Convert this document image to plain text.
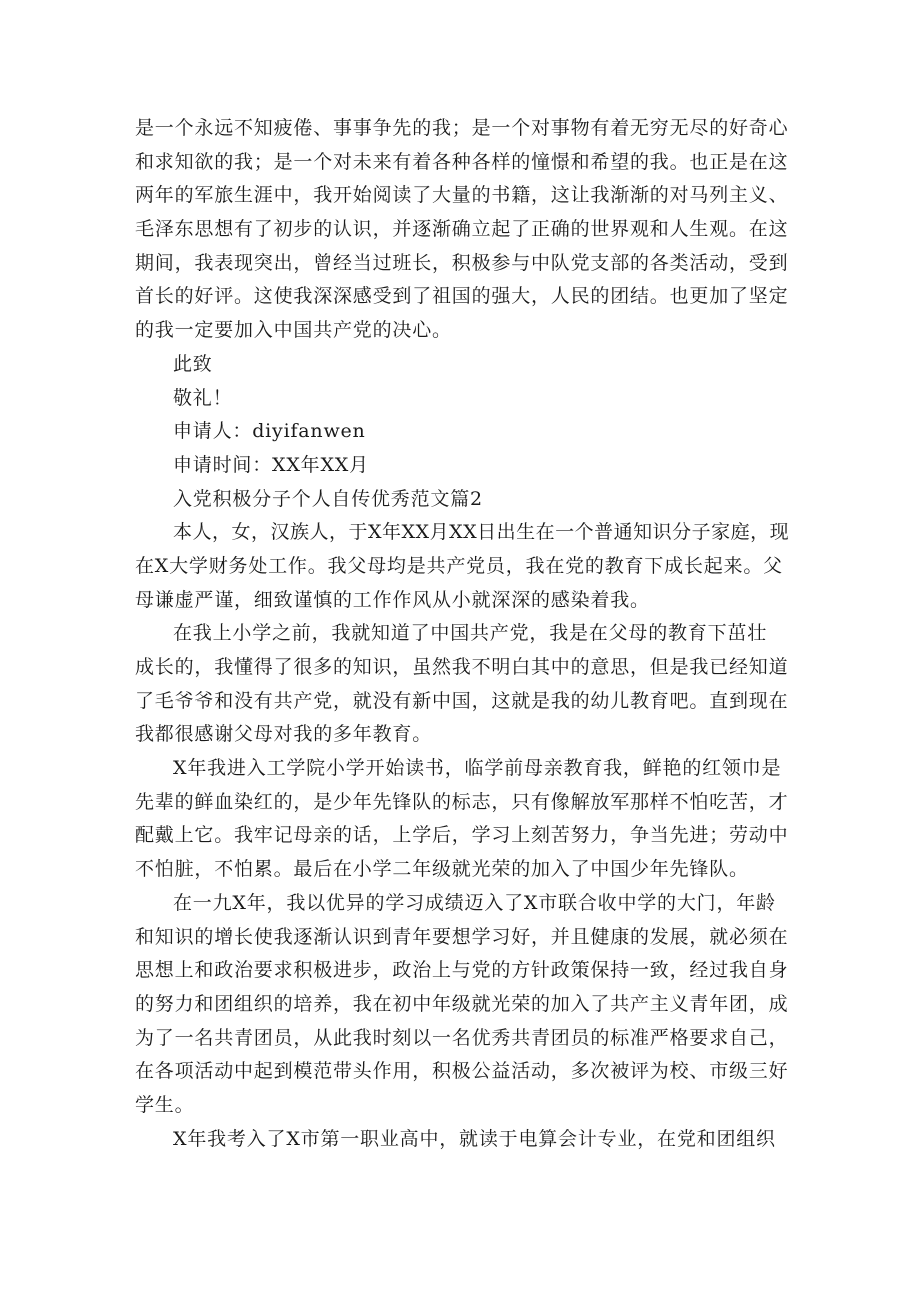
是一个永远不知疲倦、事事争先的我；是一个对事物有着无穷无尽的好奇心
和求知欲的我；是一个对未来有着各种各样的憧憬和希望的我。也正是在这
两年的军旅生涯中，我开始阅读了大量的书籍，这让我渐渐的对马列主义、
毛泽东思想有了初步的认识，并逐渐确立起了正确的世界观和人生观。在这
期间，我表现突出，曾经当过班长，积极参与中队党支部的各类活动，受到
首长的好评。这使我深深感受到了祖国的强大，人民的团结。也更加了坚定
的我一定要加入中国共产党的决心。
此致
敬礼！
申请人：diyifanwen
申请时间：XX年XX月
入党积极分子个人自传优秀范文篇2
本人，女，汉族人，于X年XX月XX日出生在一个普通知识分子家庭，现
在X大学财务处工作。我父母均是共产党员，我在党的教育下成长起来。父
母谦虚严谨，细致谨慎的工作作风从小就深深的感染着我。
在我上小学之前，我就知道了中国共产党，我是在父母的教育下茁壮
成长的，我懂得了很多的知识，虽然我不明白其中的意思，但是我已经知道
了毛爷爷和没有共产党，就没有新中国，这就是我的幼儿教育吧。直到现在
我都很感谢父母对我的多年教育。
X年我进入工学院小学开始读书，临学前母亲教育我，鲜艳的红领巾是
先辈的鲜血染红的，是少年先锋队的标志，只有像解放军那样不怕吃苦，才
配戴上它。我牢记母亲的话，上学后，学习上刻苦努力，争当先进；劳动中
不怕脏，不怕累。最后在小学二年级就光荣的加入了中国少年先锋队。
在一九X年，我以优异的学习成绩迈入了X市联合收中学的大门，年龄
和知识的增长使我逐渐认识到青年要想学习好，并且健康的发展，就必须在
思想上和政治要求积极进步，政治上与党的方针政策保持一致，经过我自身
的努力和团组织的培养，我在初中年级就光荣的加入了共产主义青年团，成
为了一名共青团员，从此我时刻以一名优秀共青团员的标准严格要求自己，
在各项活动中起到模范带头作用，积极公益活动，多次被评为校、市级三好
学生。
X年我考入了X市第一职业高中，就读于电算会计专业，在党和团组织
